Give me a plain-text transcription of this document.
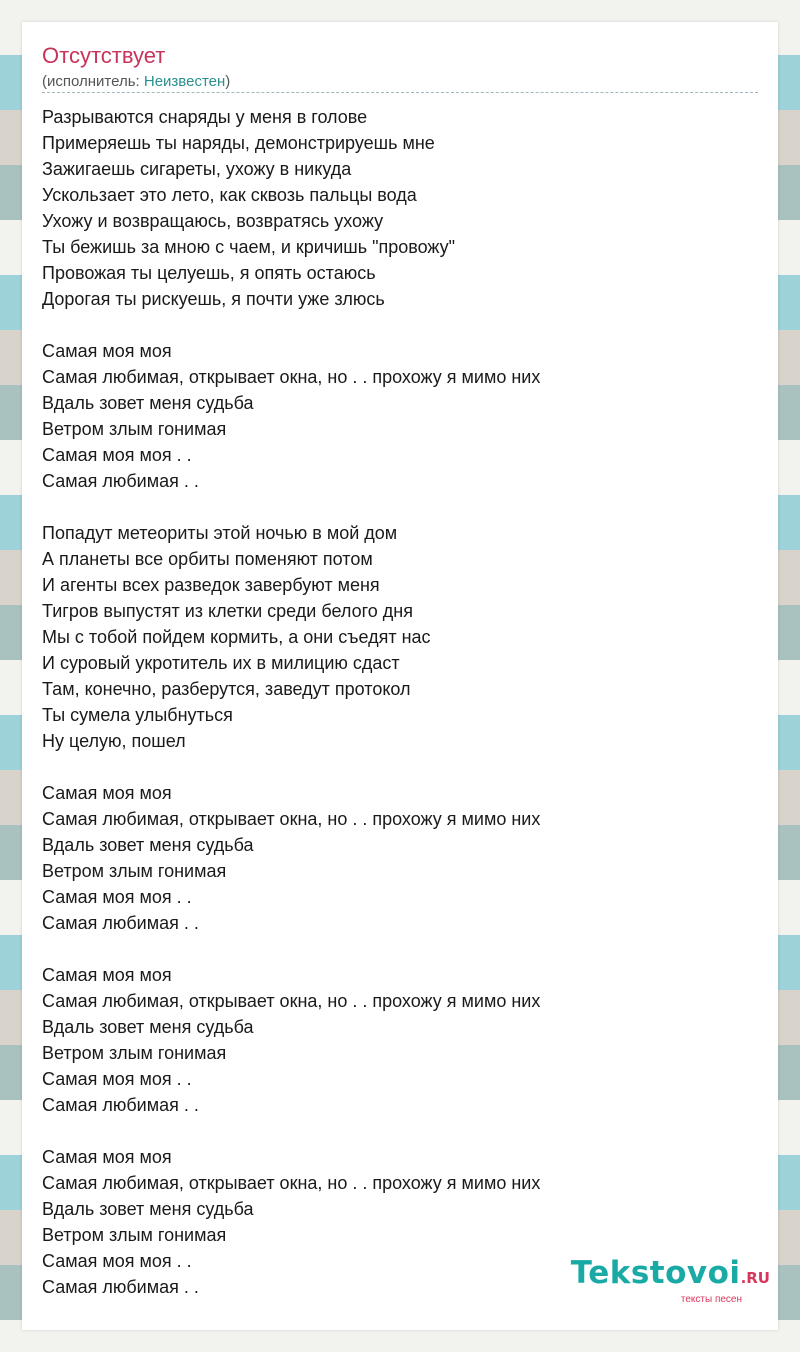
Отсутствует
(исполнитель: Неизвестен)
Разрываются снаряды у меня в голове
Примеряешь ты наряды, демонстрируешь мне
Зажигаешь сигареты, ухожу в никуда
Ускользает это лето, как сквозь пальцы вода
Ухожу и возвращаюсь, возвратясь ухожу
Ты бежишь за мною с чаем, и кричишь "провожу"
Провожая ты целуешь, я опять остаюсь
Дорогая ты рискуешь, я почти уже злюсь
Самая моя моя
Самая любимая, открывает окна, но . . прохожу я мимо них
Вдаль зовет меня судьба
Ветром злым гонимая
Самая моя моя . .
Самая любимая . .
Попадут метеориты этой ночью в мой дом
А планеты все орбиты поменяют потом
И агенты всех разведок завербуют меня
Тигров выпустят из клетки среди белого дня
Мы с тобой пойдем кормить, а они съедят нас
И суровый укротитель их в милицию сдаст
Там, конечно, разберутся, заведут протокол
Ты сумела улыбнуться
Ну целую, пошел
Самая моя моя
Самая любимая, открывает окна, но . . прохожу я мимо них
Вдаль зовет меня судьба
Ветром злым гонимая
Самая моя моя . .
Самая любимая . .
Самая моя моя
Самая любимая, открывает окна, но . . прохожу я мимо них
Вдаль зовет меня судьба
Ветром злым гонимая
Самая моя моя . .
Самая любимая . .
Самая моя моя
Самая любимая, открывает окна, но . . прохожу я мимо них
Вдаль зовет меня судьба
Ветром злым гонимая
Самая моя моя . .
Самая любимая . .	Tekstovoi.RU
тексты песен
